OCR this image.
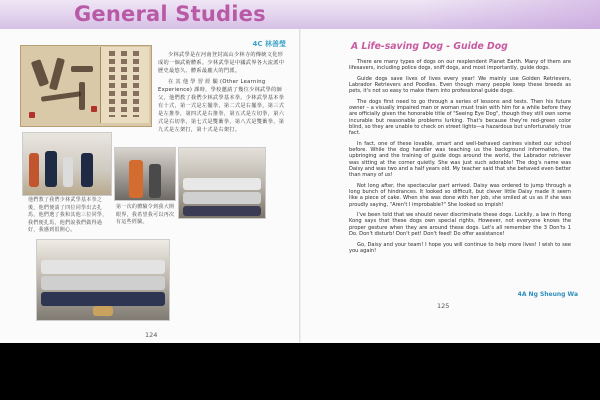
General Studies
4C 林善瑩

少林武學是在河南登封嵩山少林寺的傳統文化形成的一個武術體系。少林武學是中國武界各大流派中歷史最悠久、體系最龐大的門派。

在 其 他 學 習 經 驗 (Other Learning Experience) 課時，學校邀請了幾位少林武學的師父，他們教了我們少林武學基本拳。少林武學基本拳有十式，第一式是左擺拳，第二式是右擺拳，第三式是左推拳，第四式是右推拳，第五式是左切拳，第六式是右切拳，第七式是雙衝拳，第八式是雙衝拳，第九式是左架打，第十式是右架打。

他們教了我們少林武學基本拳之後，他們便請了四位同學出去扎馬，他們選了我和其他三位同學，我們便扎馬，他們說我們做得過好，我感到很開心。
第一次的體驗令到我大開眼界，我希望我可以再次有這些經驗。
124
A Life-saving Dog - Guide Dog

There are many types of dogs on our resplendent Planet Earth. Many of them are lifesavers, including police dogs, sniff dogs, and most importantly, guide dogs.

Guide dogs save lives of lives every year! We mainly use Golden Retrievers, Labrador Retrievers and Poodles. Even though many people keep these breeds as pets, it's not so easy to make them into professional guide dogs.

The dogs first need to go through a series of lessons and tests. Then his future owner – a visually impaired man or woman must train with him for a while before they are officially given the honorable title of "Seeing Eye Dog", though they still own some incurable but reasonable problems lurking. That's because they're red-green color blind, so they are unable to check on street lights—a hazardous but unfortunately true fact.

In fact, one of these lovable, smart and well-behaved canines visited our school before. While the dog handler was teaching us the background information, the upbringing and the training of guide dogs around the world, the Labrador retriever was sitting at the corner quietly. She was just such adorable! The dog's name was Daisy and was two and a half years old. My teacher said that she behaved even better than many of us!

Not long after, the spectacular part arrived. Daisy was ordered to jump through a long bunch of hindrances. It looked so difficult, but clever little Daisy made it seem like a piece of cake. When she was done with her job, she smiled at us as if she was proudly saying, "Aren't I improbable?" She looked so impish!

I've been told that we should never discriminate these dogs. Luckily, a law in Hong Kong says that these dogs own special rights. However, not everyone knows the proper gesture when they are around these dogs. Let's all remember the 3 Don'ts 1 Do. Don't disturb! Don't pet! Don't feed! Do offer assistance!

Go, Daisy and your team! I hope you will continue to help more lives! I wish to see you again!

4A Ng Sheung Wa
125
